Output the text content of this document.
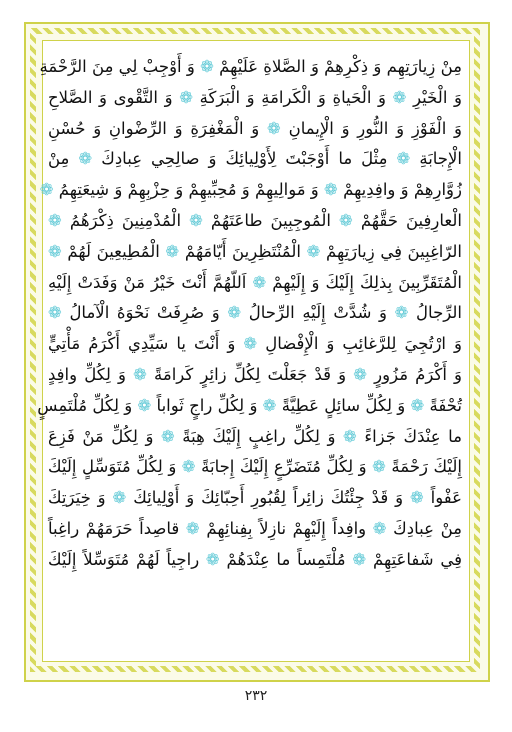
مِنْ زِيارَتِهِم وَ ذِكْرِهِمْ وَ الصَّلاةِ عَلَيْهِمْ ❁ وَ أَوْجِبْ لِي مِنَ الرَّحْمَةِ
وَ الْخَيْرِ ❁ وَ الْحَياةِ وَ الْكَرامَةِ وَ الْبَرَكَةِ ❁ وَ التَّقْوى وَ الصَّلاحِ
وَ الْفَوْزِ وَ النُّورِ وَ الْإِيمانِ ❁ وَ الْمَغْفِرَةِ وَ الرِّضْوانِ وَ حُسْنِ
الْإِجابَةِ ❁ مِثْلَ ما أَوْجَبْتَ لِأَوْلِيائِكَ وَ صالِحِي عِبادِكَ ❁ مِنْ
زُوَّارِهِمْ وَ وافِدِيهِمْ ❁ وَ مَوالِيهِمْ وَ مُحِبِّيهِمْ وَ حِزْبِهِمْ وَ شِيعَتِهِمُ ❁
الْعارِفِينَ حَقَّهُمْ ❁ الْمُوجِبِينَ طاعَتَهُمْ ❁ الْمُدْمِنِينَ ذِكْرَهُمُ ❁
الرّاغِبِينَ فِي زِيارَتِهِمْ ❁ الْمُنْتَظِرِينَ أَيّامَهُمْ ❁ الْمُطِيعِينَ لَهُمْ ❁
الْمُتَقَرِّبِينَ بِذلِكَ إِلَيْكَ وَ إِلَيْهِمْ ❁ اَللّهُمَّ أَنْتَ خَيْرُ مَنْ وَفَدَتْ إِلَيْهِ
الرِّجالُ ❁ وَ شُدَّتْ إِلَيْهِ الرِّحالُ ❁ وَ صُرِفَتْ نَحْوَهُ الْآمالُ ❁
وَ ارْتُجِيَ لِلرَّغائِبِ وَ الْإِفْضالِ ❁ وَ أَنْتَ يا سَيِّدِي أَكْرَمُ مَأْتِيٍّ
وَ أَكْرَمُ مَزُورٍ ❁ وَ قَدْ جَعَلْتَ لِكُلِّ زائِرٍ كَرامَةً ❁ وَ لِكُلِّ وافِدٍ
تُحْفَةً ❁ وَ لِكُلِّ سائِلٍ عَطِيَّةً ❁ وَ لِكُلِّ راجٍ ثَواباً ❁ وَ لِكُلِّ مُلْتَمِسٍ
ما عِنْدَكَ جَزاءً ❁ وَ لِكُلِّ راغِبٍ إِلَيْكَ هِبَةً ❁ وَ لِكُلِّ مَنْ فَزِعَ
إِلَيْكَ رَحْمَةً ❁ وَ لِكُلِّ مُتَضَرِّعٍ إِلَيْكَ إِجابَةً ❁ وَ لِكُلِّ مُتَوَسِّلٍ إِلَيْكَ
عَفْواً ❁ وَ قَدْ جِئْتُكَ زائِراً لِقُبُورِ أَحِبّائِكَ وَ أَوْلِيائِكَ ❁ وَ خِيَرَتِكَ
مِنْ عِبادِكَ ❁ وافِداً إِلَيْهِمْ نازِلاً بِفِنائِهِمْ ❁ قاصِداً حَرَمَهُمْ راغِباً
فِي شَفاعَتِهِمْ ❁ مُلْتَمِساً ما عِنْدَهُمْ ❁ راجِياً لَهُمْ مُتَوَسِّلاً إِلَيْكَ
٢٣٢
